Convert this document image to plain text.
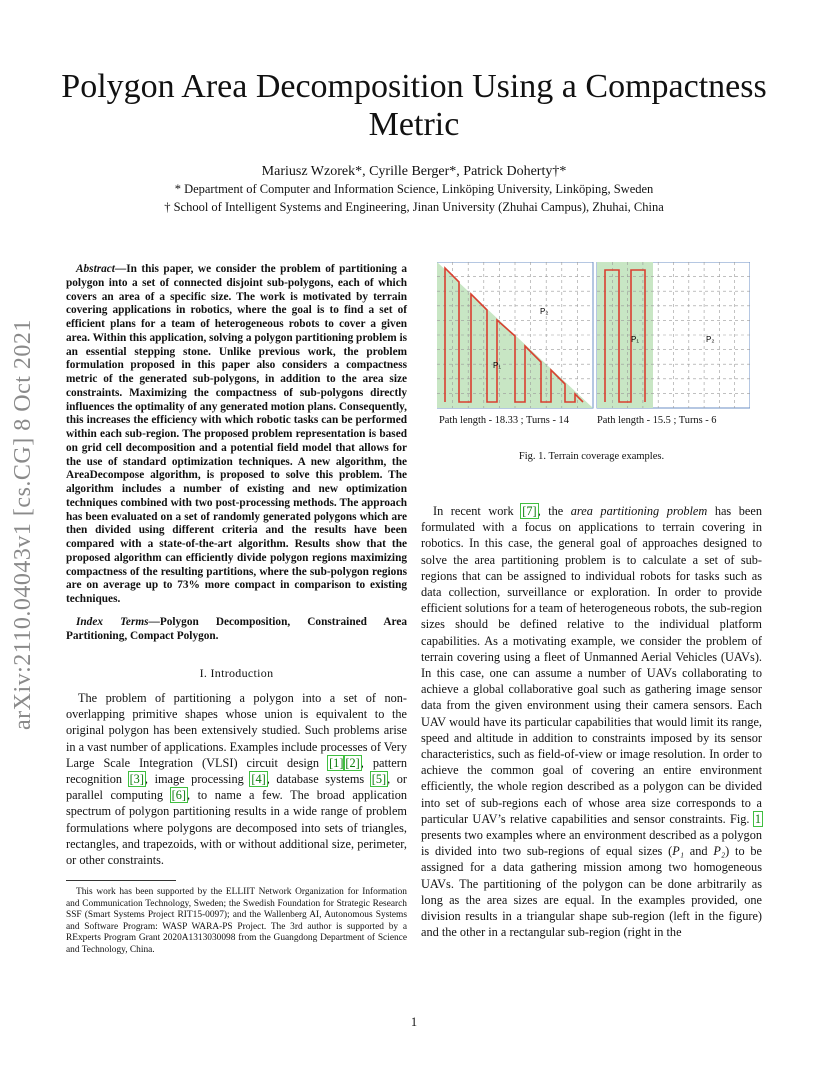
arXiv:2110.04043v1 [cs.CG] 8 Oct 2021
Polygon Area Decomposition Using a Compactness Metric
Mariusz Wzorek*, Cyrille Berger*, Patrick Doherty†*
* Department of Computer and Information Science, Linköping University, Linköping, Sweden
† School of Intelligent Systems and Engineering, Jinan University (Zhuhai Campus), Zhuhai, China

Abstract—In this paper, we consider the problem of partitioning a polygon into a set of connected disjoint sub-polygons, each of which covers an area of a specific size. The work is motivated by terrain covering applications in robotics, where the goal is to find a set of efficient plans for a team of heterogeneous robots to cover a given area. Within this application, solving a polygon partitioning problem is an essential stepping stone. Unlike previous work, the problem formulation proposed in this paper also considers a compactness metric of the generated sub-polygons, in addition to the area size constraints. Maximizing the compactness of sub-polygons directly influences the optimality of any generated motion plans. Consequently, this increases the efficiency with which robotic tasks can be performed within each sub-region. The proposed problem representation is based on grid cell decomposition and a potential field model that allows for the use of standard optimization techniques. A new algorithm, the AreaDecompose algorithm, is proposed to solve this problem. The algorithm includes a number of existing and new optimization techniques combined with two post-processing methods. The approach has been evaluated on a set of randomly generated polygons which are then divided using different criteria and the results have been compared with a state-of-the-art algorithm. Results show that the proposed algorithm can efficiently divide polygon regions maximizing compactness of the resulting partitions, where the sub-polygon regions are on average up to 73% more compact in comparison to existing techniques.

Index Terms—Polygon Decomposition, Constrained Area Partitioning, Compact Polygon.
I. Introduction

The problem of partitioning a polygon into a set of non-overlapping primitive shapes whose union is equivalent to the original polygon has been extensively studied. Such problems arise in a vast number of applications. Examples include processes of Very Large Scale Integration (VLSI) circuit design [1] [2], pattern recognition [3], image processing [4], database systems [5], or parallel computing [6], to name a few. The broad application spectrum of polygon partitioning results in a wide range of problem formulations where polygons are decomposed into sets of triangles, rectangles, and trapezoids, with or without additional size, perimeter, or other constraints.

This work has been supported by the ELLIIT Network Organization for Information and Communication Technology, Sweden; the Swedish Foundation for Strategic Research SSF (Smart Systems Project RIT15-0097); and the Wallenberg AI, Autonomous Systems and Software Program: WASP WARA-PS Project. The 3rd author is supported by a RExperts Program Grant 2020A1313030098 from the Guangdong Department of Science and Technology, China.
P₂
P₁
P₁	P₂
Path length - 18.33 ; Turns - 14	Path length - 15.5 ; Turns - 6
Fig. 1. Terrain coverage examples.

In recent work [7], the area partitioning problem has been formulated with a focus on applications to terrain covering in robotics. In this case, the general goal of approaches designed to solve the area partitioning problem is to calculate a set of sub-regions that can be assigned to individual robots for tasks such as data collection, surveillance or exploration. In order to provide efficient solutions for a team of heterogeneous robots, the sub-region sizes should be defined relative to the individual platform capabilities. As a motivating example, we consider the problem of terrain covering using a fleet of Unmanned Aerial Vehicles (UAVs). In this case, one can assume a number of UAVs collaborating to achieve a global collaborative goal such as gathering image sensor data from the given environment using their camera sensors. Each UAV would have its particular capabilities that would limit its range, speed and altitude in addition to constraints imposed by its sensor characteristics, such as field-of-view or image resolution. In order to achieve the common goal of covering an entire environment efficiently, the whole region described as a polygon can be divided into set of sub-regions each of whose area size corresponds to a particular UAV’s relative capabilities and sensor constraints. Fig. 1 presents two examples where an environment described as a polygon is divided into two sub-regions of equal sizes (P₁ and P₂) to be assigned for a data gathering mission among two homogeneous UAVs. The partitioning of the polygon can be done arbitrarily as long as the area sizes are equal. In the examples provided, one division results in a triangular shape sub-region (left in the figure) and the other in a rectangular sub-region (right in the

1
